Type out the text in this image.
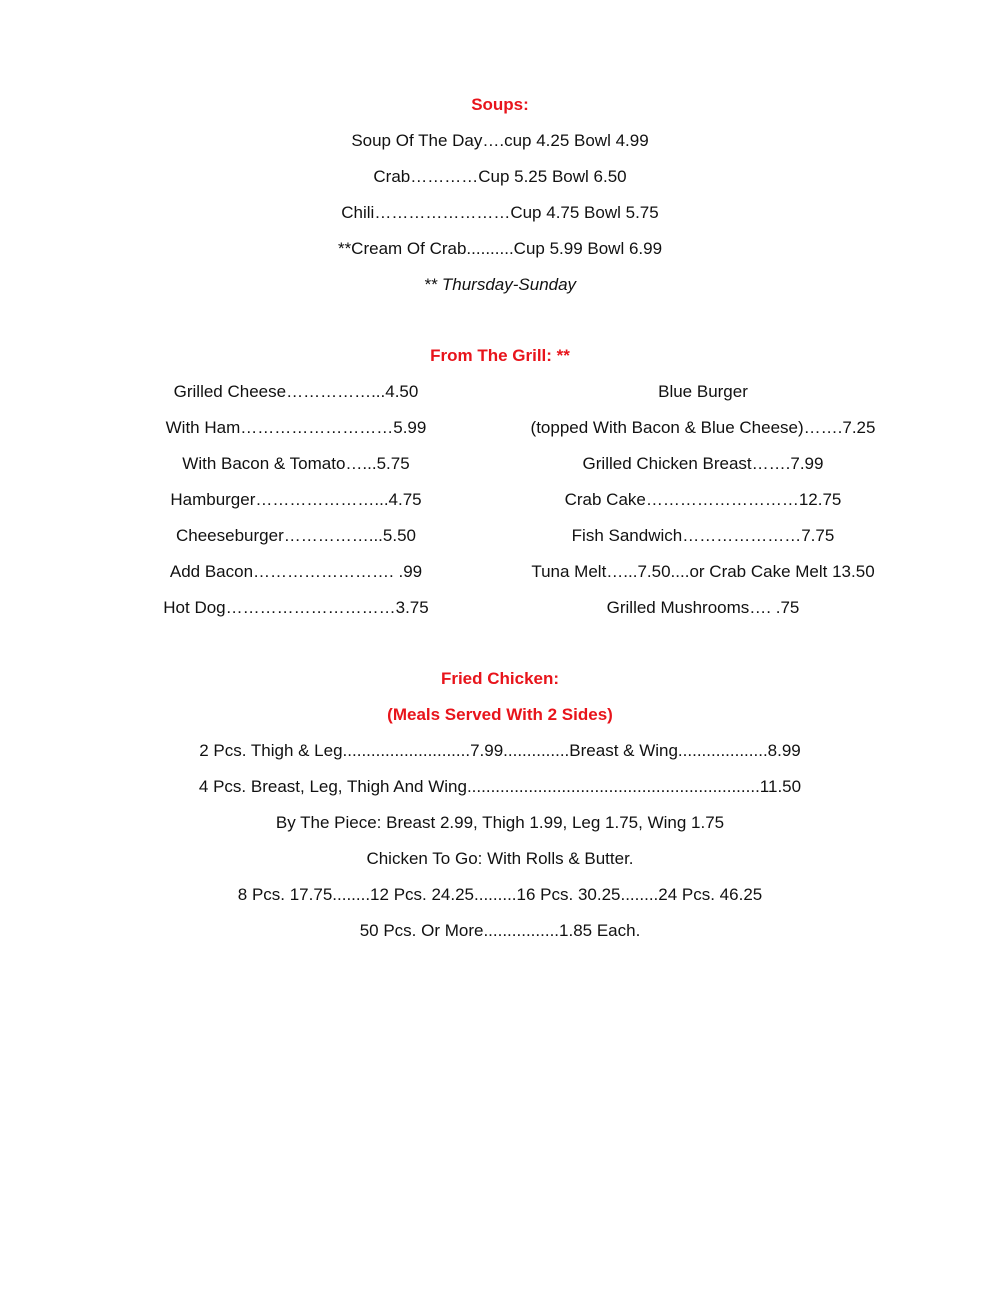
Soups:
Soup Of The Day….cup 4.25 Bowl 4.99
Crab…………Cup 5.25 Bowl 6.50
Chili……………………Cup 4.75 Bowl 5.75
**Cream Of Crab..........Cup 5.99 Bowl 6.99
** Thursday-Sunday
From The Grill: **
Grilled Cheese……………...4.50
With Ham………………………5.99
With Bacon & Tomato…...5.75
Hamburger…………………...4.75
Cheeseburger……………...5.50
Add Bacon……………………. .99
Hot Dog…………………………3.75
Blue Burger
(topped With Bacon & Blue Cheese)…….7.25
Grilled Chicken Breast…….7.99
Crab Cake………………………12.75
Fish Sandwich…………………7.75
Tuna Melt…...7.50....or Crab Cake Melt 13.50
Grilled Mushrooms…. .75
Fried Chicken:
(Meals Served With 2 Sides)
2 Pcs. Thigh & Leg...........................7.99..............Breast & Wing...................8.99
4 Pcs. Breast, Leg, Thigh And Wing..............................................................11.50
By The Piece: Breast 2.99, Thigh 1.99, Leg 1.75, Wing 1.75
Chicken To Go: With Rolls & Butter.
8 Pcs. 17.75........12 Pcs. 24.25.........16 Pcs. 30.25........24 Pcs. 46.25
50 Pcs. Or More................1.85 Each.
